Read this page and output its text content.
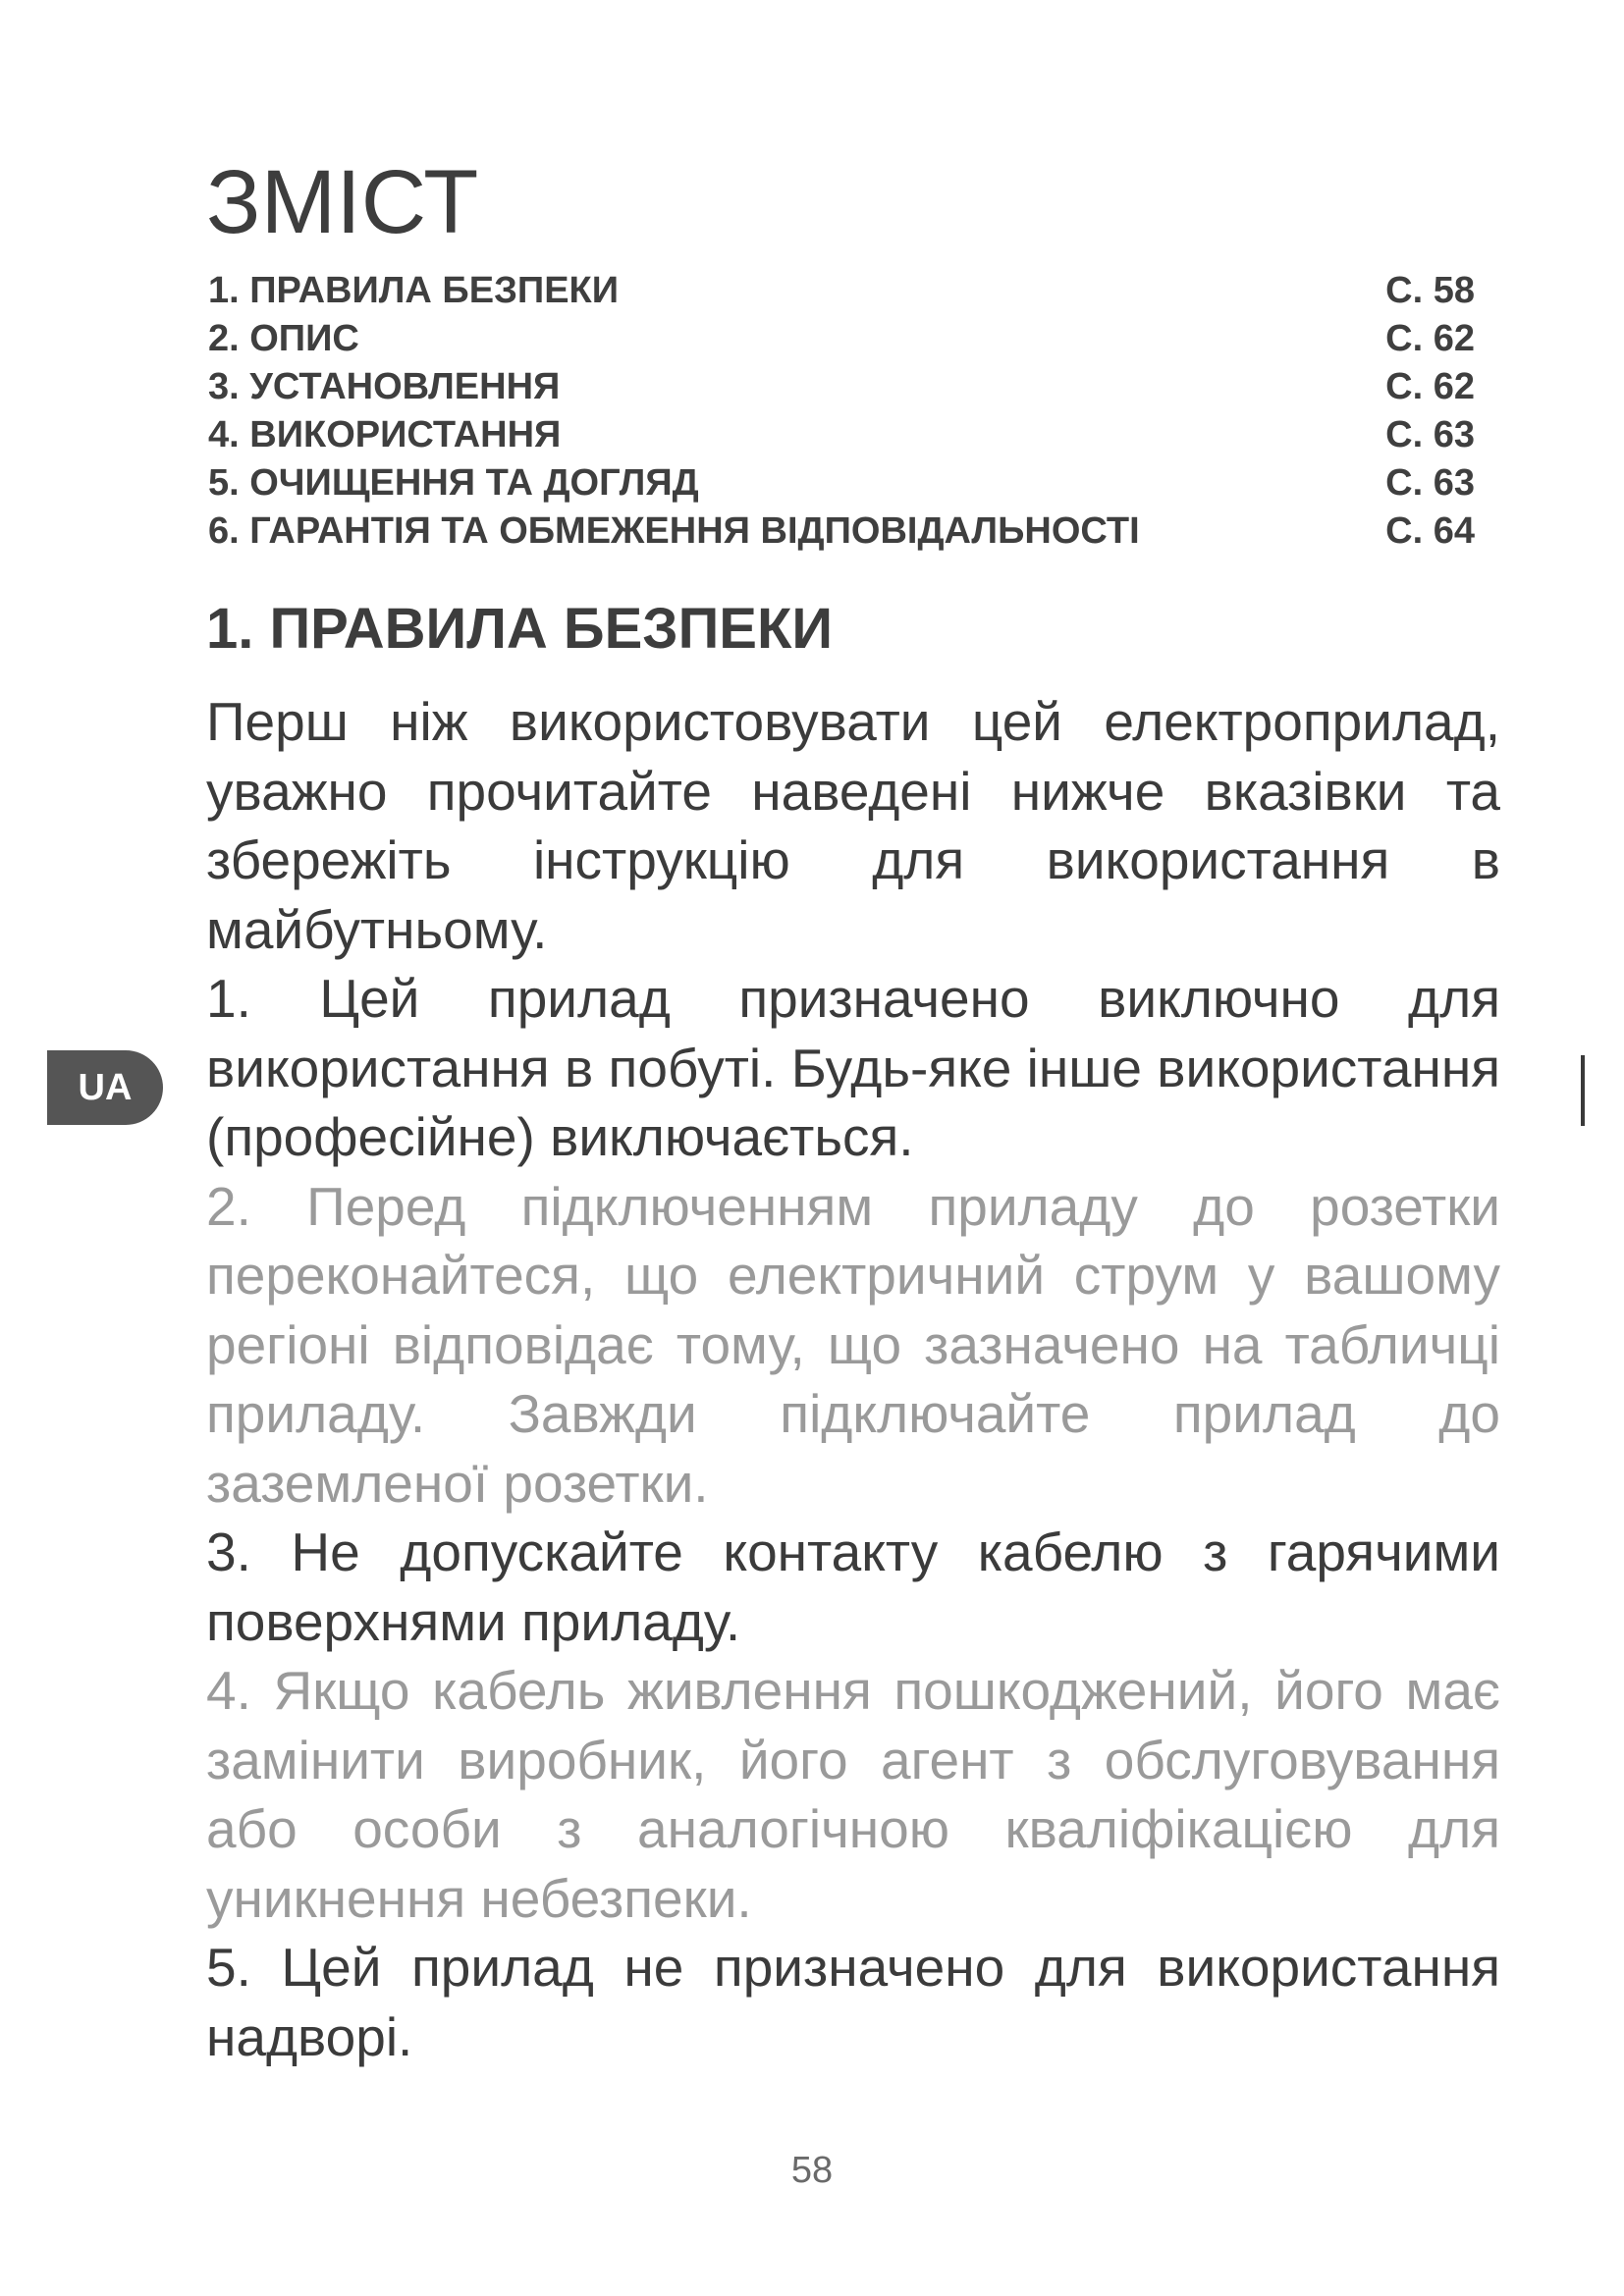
ЗМІСТ
1. ПРАВИЛА БЕЗПЕКИ	С. 58
2. ОПИС	С. 62
3. УСТАНОВЛЕННЯ	С. 62
4. ВИКОРИСТАННЯ	С. 63
5. ОЧИЩЕННЯ ТА ДОГЛЯД	С. 63
6. ГАРАНТІЯ ТА ОБМЕЖЕННЯ ВІДПОВІДАЛЬНОСТІ	С. 64
1. ПРАВИЛА БЕЗПЕКИ

Перш ніж використовувати цей електроприлад, уважно прочитайте наведені нижче вказівки та збережіть інструкцію для використання в майбутньому.

1. Цей прилад призначено виключно для використання в побуті. Будь-яке інше використання (професійне) виключається.

2. Перед підключенням приладу до розетки переконайтеся, що електричний струм у вашому регіоні відповідає тому, що зазначено на табличці приладу. Завжди підключайте прилад до заземленої розетки.

3. Не допускайте контакту кабелю з гарячими поверхнями приладу.

4. Якщо кабель живлення пошкоджений, його має замінити виробник, його агент з обслуговування або особи з аналогічною кваліфікацією для уникнення небезпеки.

5. Цей прилад не призначено для використання надворі.

UA
58
